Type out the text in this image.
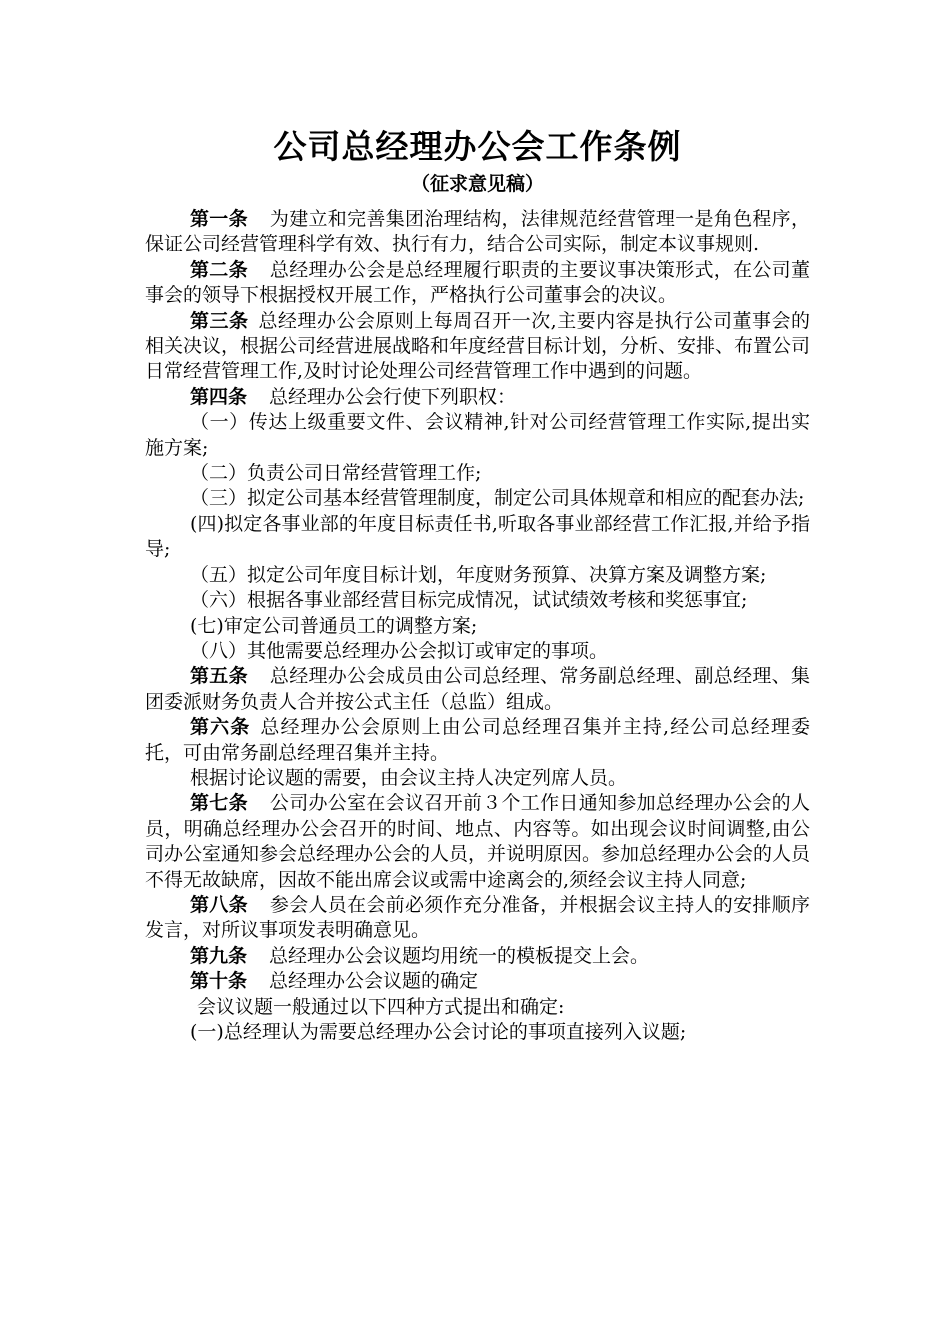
公司总经理办公会工作条例
（征求意见稿）

第一条 为建立和完善集团治理结构，法律规范经营管理一是角色程序，保证公司经营管理科学有效、执行有力，结合公司实际，制定本议事规则.

第二条 总经理办公会是总经理履行职责的主要议事决策形式，在公司董事会的领导下根据授权开展工作，严格执行公司董事会的决议。

第三条 总经理办公会原则上每周召开一次,主要内容是执行公司董事会的相关决议，根据公司经营进展战略和年度经营目标计划，分析、安排、布置公司日常经营管理工作,及时讨论处理公司经营管理工作中遇到的问题。

第四条 总经理办公会行使下列职权：

（一）传达上级重要文件、会议精神,针对公司经营管理工作实际,提出实施方案;

（二）负责公司日常经营管理工作;

（三）拟定公司基本经营管理制度，制定公司具体规章和相应的配套办法;

(四)拟定各事业部的年度目标责任书,听取各事业部经营工作汇报,并给予指导;

（五）拟定公司年度目标计划，年度财务预算、决算方案及调整方案;

（六）根据各事业部经营目标完成情况，试试绩效考核和奖惩事宜;

(七)审定公司普通员工的调整方案;

（八）其他需要总经理办公会拟订或审定的事项。

第五条 总经理办公会成员由公司总经理、常务副总经理、副总经理、集团委派财务负责人合并按公式主任（总监）组成。

第六条 总经理办公会原则上由公司总经理召集并主持,经公司总经理委托，可由常务副总经理召集并主持。

根据讨论议题的需要，由会议主持人决定列席人员。

第七条 公司办公室在会议召开前３个工作日通知参加总经理办公会的人员，明确总经理办公会召开的时间、地点、内容等。如出现会议时间调整,由公司办公室通知参会总经理办公会的人员，并说明原因。参加总经理办公会的人员不得无故缺席，因故不能出席会议或需中途离会的,须经会议主持人同意;

第八条 参会人员在会前必须作充分准备，并根据会议主持人的安排顺序发言，对所议事项发表明确意见。

第九条 总经理办公会议题均用统一的模板提交上会。

第十条 总经理办公会议题的确定

会议议题一般通过以下四种方式提出和确定:

(一)总经理认为需要总经理办公会讨论的事项直接列入议题;
